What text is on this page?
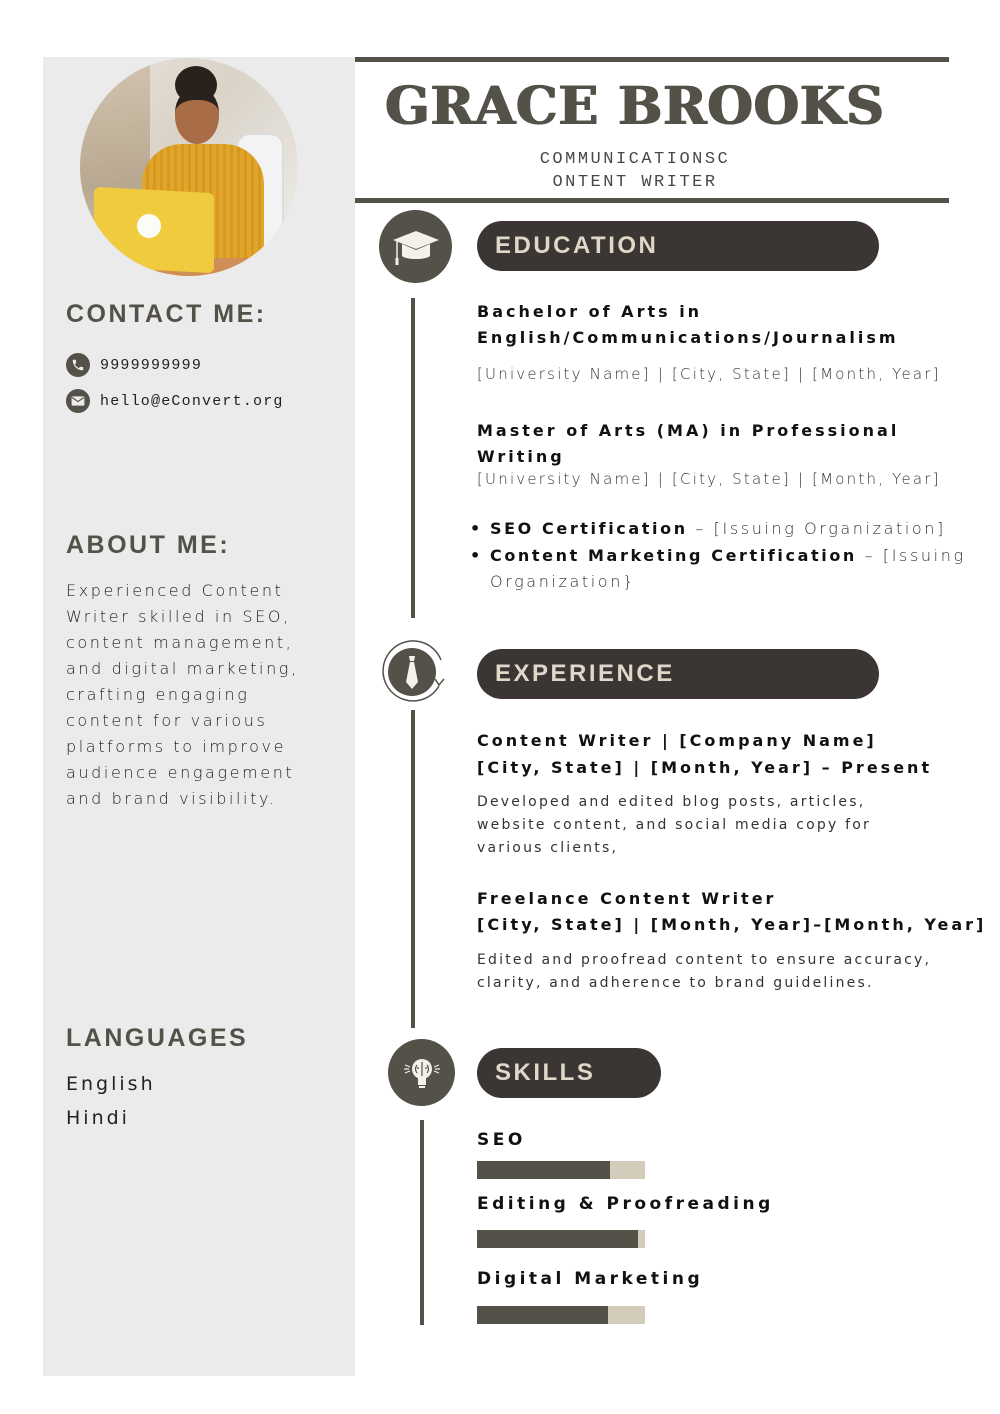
CONTACT ME:
9999999999
hello@eConvert.org
ABOUT ME:
Experienced Content Writer skilled in SEO, content management, and digital marketing, crafting engaging content for various platforms to improve audience engagement and brand visibility.
LANGUAGES
English
Hindi
GRACE BROOKS
COMMUNICATIONSC
ONTENT WRITER
EDUCATION
Bachelor of Arts in
English/Communications/Journalism
[University Name] | [City, State] | [Month, Year]
Master of Arts (MA) in Professional
Writing
[University Name] | [City, State] | [Month, Year]
• SEO Certification – [Issuing Organization]
• Content Marketing Certification – [Issuing Organization}
EXPERIENCE
Content Writer | [Company Name]
[City, State] | [Month, Year] – Present
Developed and edited blog posts, articles, website content, and social media copy for various clients,
Freelance Content Writer
[City, State] | [Month, Year]–[Month, Year]
Edited and proofread content to ensure accuracy, clarity, and adherence to brand guidelines.
SKILLS
SEO
Editing & Proofreading
Digital Marketing
